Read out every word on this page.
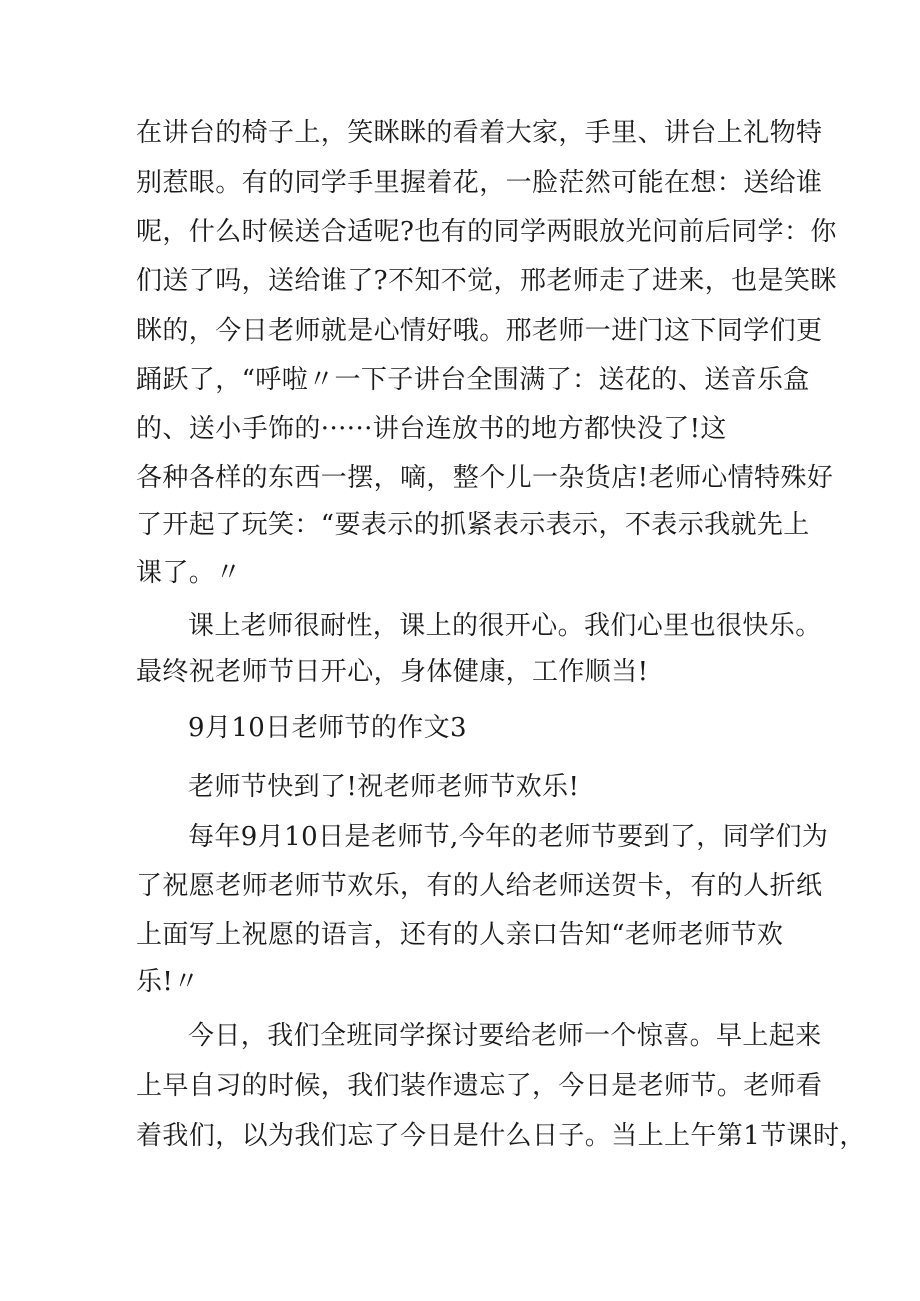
在讲台的椅子上，笑眯眯的看着大家，手里、讲台上礼物特
别惹眼。有的同学手里握着花，一脸茫然可能在想：送给谁
呢，什么时候送合适呢?也有的同学两眼放光问前后同学：你
们送了吗，送给谁了?不知不觉，邢老师走了进来，也是笑眯
眯的，今日老师就是心情好哦。邢老师一进门这下同学们更
踊跃了，“呼啦〃一下子讲台全围满了：送花的、送音乐盒
的、送小手饰的······讲台连放书的地方都快没了!这
各种各样的东西一摆，嘀，整个儿一杂货店!老师心情特殊好
了开起了玩笑：“要表示的抓紧表示表示，不表示我就先上
课了。〃
课上老师很耐性，课上的很开心。我们心里也很快乐。
最终祝老师节日开心，身体健康，工作顺当!
9月10日老师节的作文3
老师节快到了!祝老师老师节欢乐!
每年9月10日是老师节,今年的老师节要到了，同学们为
了祝愿老师老师节欢乐，有的人给老师送贺卡，有的人折纸
上面写上祝愿的语言，还有的人亲口告知“老师老师节欢
乐!〃
今日，我们全班同学探讨要给老师一个惊喜。早上起来
上早自习的时候，我们装作遗忘了，今日是老师节。老师看
着我们，以为我们忘了今日是什么日子。当上上午第1节课时，
